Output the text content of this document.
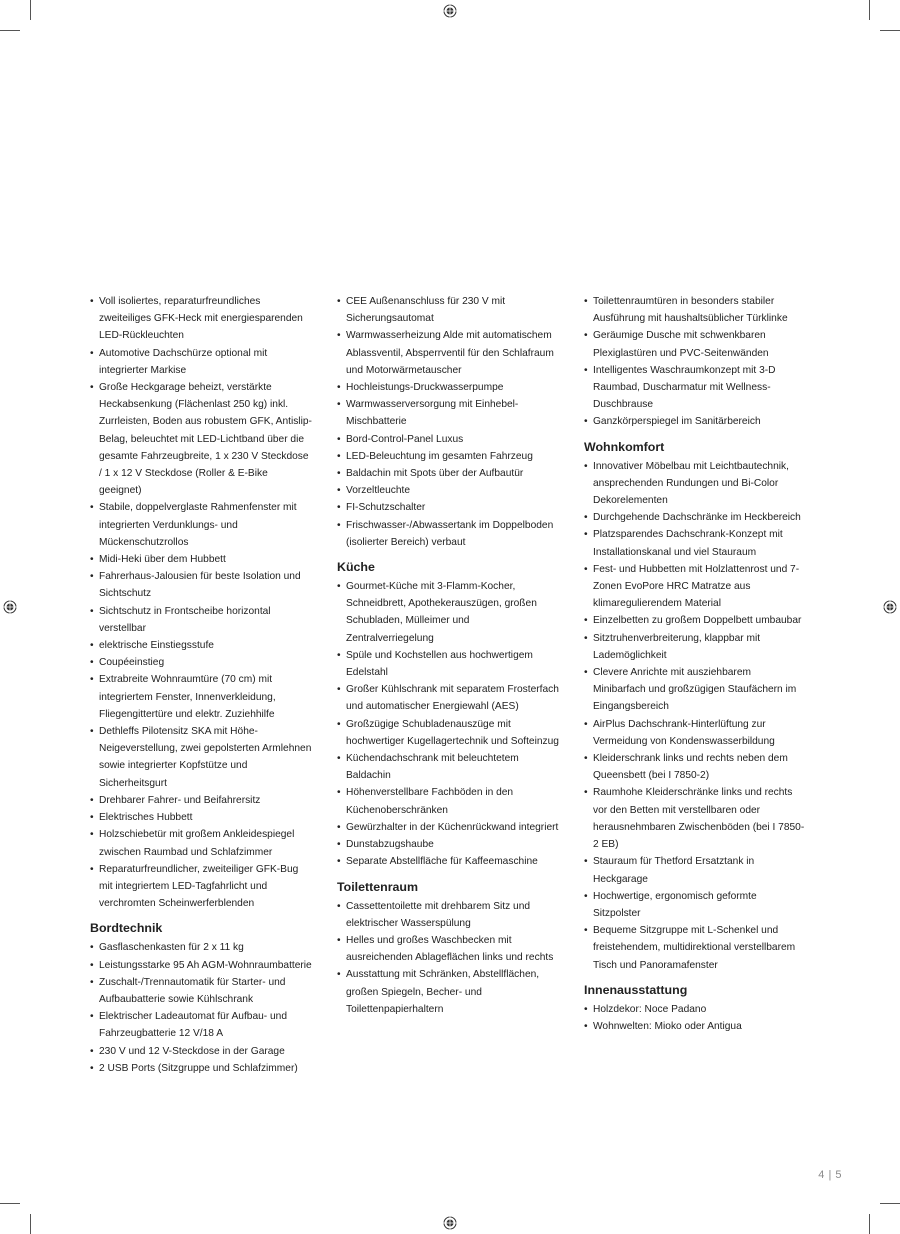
• Voll isoliertes, reparaturfreundliches zweiteiliges GFK-Heck mit energiesparenden LED-Rückleuchten
• Automotive Dachschürze optional mit integrierter Markise
• Große Heckgarage beheizt, verstärkte Heckabsenkung (Flächenlast 250 kg) inkl. Zurrleisten, Boden aus robustem GFK, Antislip-Belag, beleuchtet mit LED-Lichtband über die gesamte Fahrzeugbreite, 1 x 230 V Steckdose / 1 x 12 V Steckdose (Roller & E-Bike geeignet)
• Stabile, doppelverglaste Rahmenfenster mit integrierten Verdunklungs- und Mückenschutzrollos
• Midi-Heki über dem Hubbett
• Fahrerhaus-Jalousien für beste Isolation und Sichtschutz
• Sichtschutz in Frontscheibe horizontal verstellbar
• elektrische Einstiegsstufe
• Coupéeinstieg
• Extrabreite Wohnraumtüre (70 cm) mit integriertem Fenster, Innenverkleidung, Fliegengittertüre und elektr. Zuziehhilfe
• Dethleffs Pilotensitz SKA mit Höhe-Neigeverstellung, zwei gepolsterten Armlehnen sowie integrierter Kopfstütze und Sicherheitsgurt
• Drehbarer Fahrer- und Beifahrersitz
• Elektrisches Hubbett
• Holzschiebetür mit großem Ankleidespiegel zwischen Raumbad und Schlafzimmer
• Reparaturfreundlicher, zweiteiliger GFK-Bug mit integriertem LED-Tagfahrlicht und verchromten Scheinwerferblenden
Bordtechnik
• Gasflaschenkasten für 2 x 11 kg
• Leistungsstarke 95 Ah AGM-Wohnraumbatterie
• Zuschalt-/Trennautomatik für Starter- und Aufbaubatterie sowie Kühlschrank
• Elektrischer Ladeautomat für Aufbau- und Fahrzeugbatterie 12 V/18 A
• 230 V und 12 V-Steckdose in der Garage
• 2 USB Ports (Sitzgruppe und Schlafzimmer)
• CEE Außenanschluss für 230 V mit Sicherungsautomat
• Warmwasserheizung Alde mit automatischem Ablassventil, Absperrventil für den Schlafraum und Motorwärmetauscher
• Hochleistungs-Druckwasserpumpe
• Warmwasserversorgung mit Einhebel-Mischbatterie
• Bord-Control-Panel Luxus
• LED-Beleuchtung im gesamten Fahrzeug
• Baldachin mit Spots über der Aufbautür
• Vorzeltleuchte
• FI-Schutzschalter
• Frischwasser-/Abwassertank im Doppelboden (isolierter Bereich) verbaut
Küche
• Gourmet-Küche mit 3-Flamm-Kocher, Schneidbrett, Apothekerauszügen, großen Schubladen, Mülleimer und Zentralverriegelung
• Spüle und Kochstellen aus hochwertigem Edelstahl
• Großer Kühlschrank mit separatem Frosterfach und automatischer Energiewahl (AES)
• Großzügige Schubladenauszüge mit hochwertiger Kugellagertechnik und Softeinzug
• Küchendachschrank mit beleuchtetem Baldachin
• Höhenverstellbare Fachböden in den Küchenoberschränken
• Gewürzhalter in der Küchenrückwand integriert
• Dunstabzugshaube
• Separate Abstellfläche für Kaffeemaschine
Toilettenraum
• Cassettentoilette mit drehbarem Sitz und elektrischer Wasserspülung
• Helles und großes Waschbecken mit ausreichenden Ablageflächen links und rechts
• Ausstattung mit Schränken, Abstellflächen, großen Spiegeln, Becher- und Toilettenpapierhaltern
• Toilettenraumtüren in besonders stabiler Ausführung mit haushaltsüblicher Türklinke
• Geräumige Dusche mit schwenkbaren Plexiglastüren und PVC-Seitenwänden
• Intelligentes Waschraumkonzept mit 3-D Raumbad, Duscharmatur mit Wellness-Duschbrause
• Ganzkörperspiegel im Sanitärbereich
Wohnkomfort
• Innovativer Möbelbau mit Leichtbautechnik, ansprechenden Rundungen und Bi-Color Dekorelementen
• Durchgehende Dachschränke im Heckbereich
• Platzsparendes Dachschrank-Konzept mit Installationskanal und viel Stauraum
• Fest- und Hubbetten mit Holzlattenrost und 7-Zonen EvoPore HRC Matratze aus klimaregulierendem Material
• Einzelbetten zu großem Doppelbett umbaubar
• Sitztruhenverbreiterung, klappbar mit Lademöglichkeit
• Clevere Anrichte mit ausziehbarem Minibarfach und großzügigen Staufächern im Eingangsbereich
• AirPlus Dachschrank-Hinterlüftung zur Vermeidung von Kondenswasserbildung
• Kleiderschrank links und rechts neben dem Queensbett (bei I 7850-2)
• Raumhohe Kleiderschränke links und rechts vor den Betten mit verstellbaren oder herausnehmbaren Zwischenböden (bei I 7850-2 EB)
• Stauraum für Thetford Ersatztank in Heckgarage
• Hochwertige, ergonomisch geformte Sitzpolster
• Bequeme Sitzgruppe mit L-Schenkel und freistehendem, multidirektional verstellbarem Tisch und Panoramafenster
Innenausstattung
• Holzdekor: Noce Padano
• Wohnwelten: Mioko oder Antigua
4 | 5
